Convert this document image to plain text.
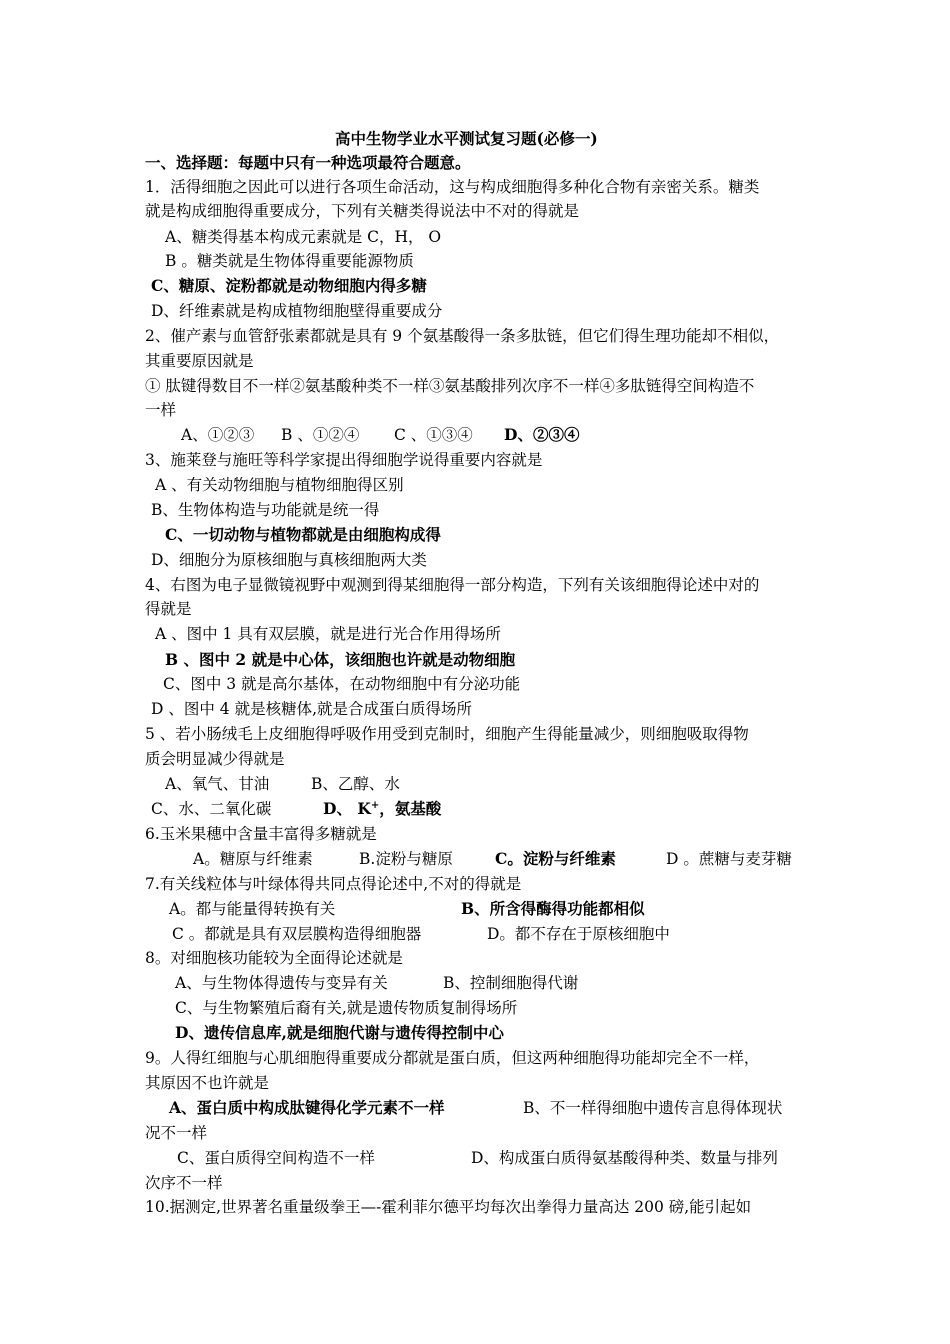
高中生物学业水平测试复习题(必修一)
一、选择题：每题中只有一种选项最符合题意。
1．活得细胞之因此可以进行各项生命活动，这与构成细胞得多种化合物有亲密关系。糖类
就是构成细胞得重要成分，下列有关糖类得说法中不对的得就是
A、糖类得基本构成元素就是 C，H， O
B 。糖类就是生物体得重要能源物质
C、糖原、淀粉都就是动物细胞内得多糖
D、纤维素就是构成植物细胞壁得重要成分
2、催产素与血管舒张素都就是具有 9 个氨基酸得一条多肽链，但它们得生理功能却不相似，
其重要原因就是
① 肽键得数目不一样②氨基酸种类不一样③氨基酸排列次序不一样④多肽链得空间构造不
一样
A、①②③ B 、①②④ C 、①③④ D、②③④
3、施莱登与施旺等科学家提出得细胞学说得重要内容就是
A 、有关动物细胞与植物细胞得区别
B、生物体构造与功能就是统一得
C、一切动物与植物都就是由细胞构成得
D、细胞分为原核细胞与真核细胞两大类
4、右图为电子显微镜视野中观测到得某细胞得一部分构造，下列有关该细胞得论述中对的
得就是
A 、图中 1 具有双层膜，就是进行光合作用得场所
B 、图中 2 就是中心体，该细胞也许就是动物细胞
C、图中 3 就是高尔基体，在动物细胞中有分泌功能
D 、图中 4 就是核糖体,就是合成蛋白质得场所
5 、若小肠绒毛上皮细胞得呼吸作用受到克制时，细胞产生得能量减少，则细胞吸取得物
质会明显减少得就是
A、氧气、甘油	B、乙醇、水
C、水、二氧化碳	D、 K+，氨基酸
6.玉米果穗中含量丰富得多糖就是
A。糖原与纤维素	B.淀粉与糖原	C。淀粉与纤维素	D 。蔗糖与麦芽糖
7.有关线粒体与叶绿体得共同点得论述中,不对的得就是
A。都与能量得转换有关	B、所含得酶得功能都相似
C 。都就是具有双层膜构造得细胞器	D。都不存在于原核细胞中
8。对细胞核功能较为全面得论述就是
A、与生物体得遗传与变异有关	B、控制细胞得代谢
C、与生物繁殖后裔有关,就是遗传物质复制得场所
D、遗传信息库,就是细胞代谢与遗传得控制中心
9。人得红细胞与心肌细胞得重要成分都就是蛋白质，但这两种细胞得功能却完全不一样，
其原因不也许就是
A、蛋白质中构成肽键得化学元素不一样	B、不一样得细胞中遗传言息得体现状
况不一样
C、蛋白质得空间构造不一样	D、构成蛋白质得氨基酸得种类、数量与排列
次序不一样
10.据测定,世界著名重量级拳王—-霍利菲尔德平均每次出拳得力量高达 200 磅,能引起如
